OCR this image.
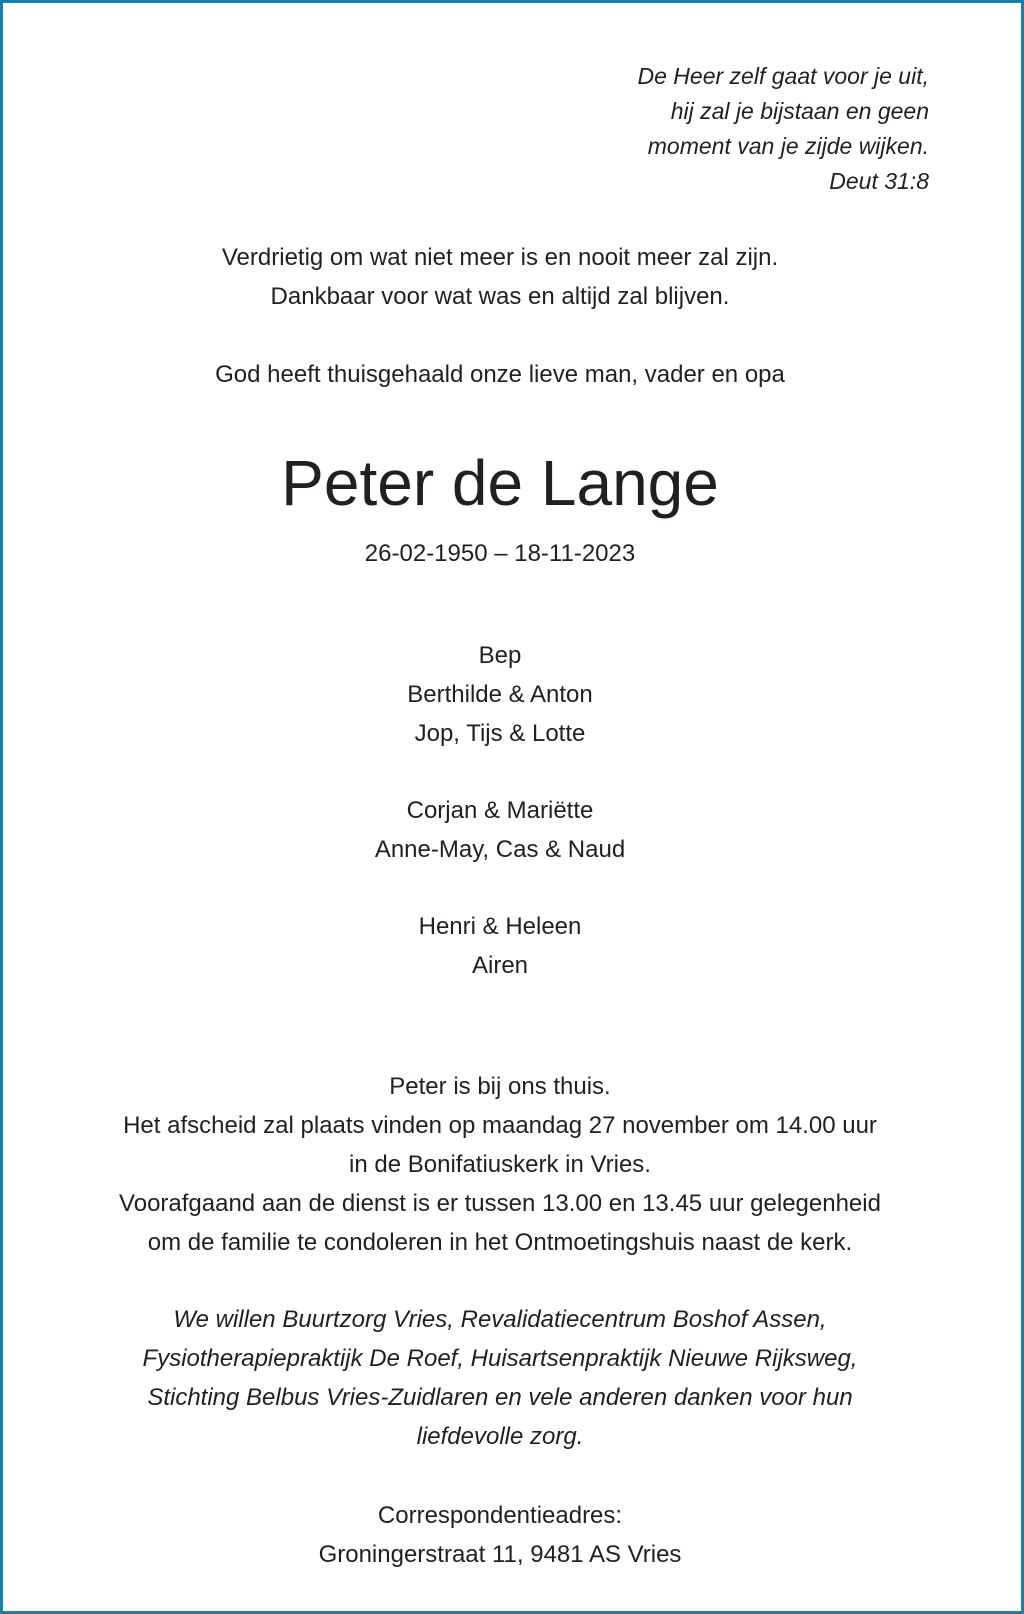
De Heer zelf gaat voor je uit,
hij zal je bijstaan en geen
moment van je zijde wijken.
Deut 31:8
Verdrietig om wat niet meer is en nooit meer zal zijn.
Dankbaar voor wat was en altijd zal blijven.
God heeft thuisgehaald onze lieve man, vader en opa
Peter de Lange
26-02-1950 – 18-11-2023
Bep
Berthilde & Anton
Jop, Tijs & Lotte
Corjan & Mariëtte
Anne-May, Cas & Naud
Henri & Heleen
Airen
Peter is bij ons thuis.
Het afscheid zal plaats vinden op maandag 27 november om 14.00 uur
in de Bonifatiuskerk in Vries.
Voorafgaand aan de dienst is er tussen 13.00 en 13.45 uur gelegenheid
om de familie te condoleren in het Ontmoetingshuis naast de kerk.
We willen Buurtzorg Vries, Revalidatiecentrum Boshof Assen,
Fysiotherapiepraktijk De Roef, Huisartsenpraktijk Nieuwe Rijksweg,
Stichting Belbus Vries-Zuidlaren en vele anderen danken voor hun
liefdevolle zorg.
Correspondentieadres:
Groningerstraat 11, 9481 AS Vries
